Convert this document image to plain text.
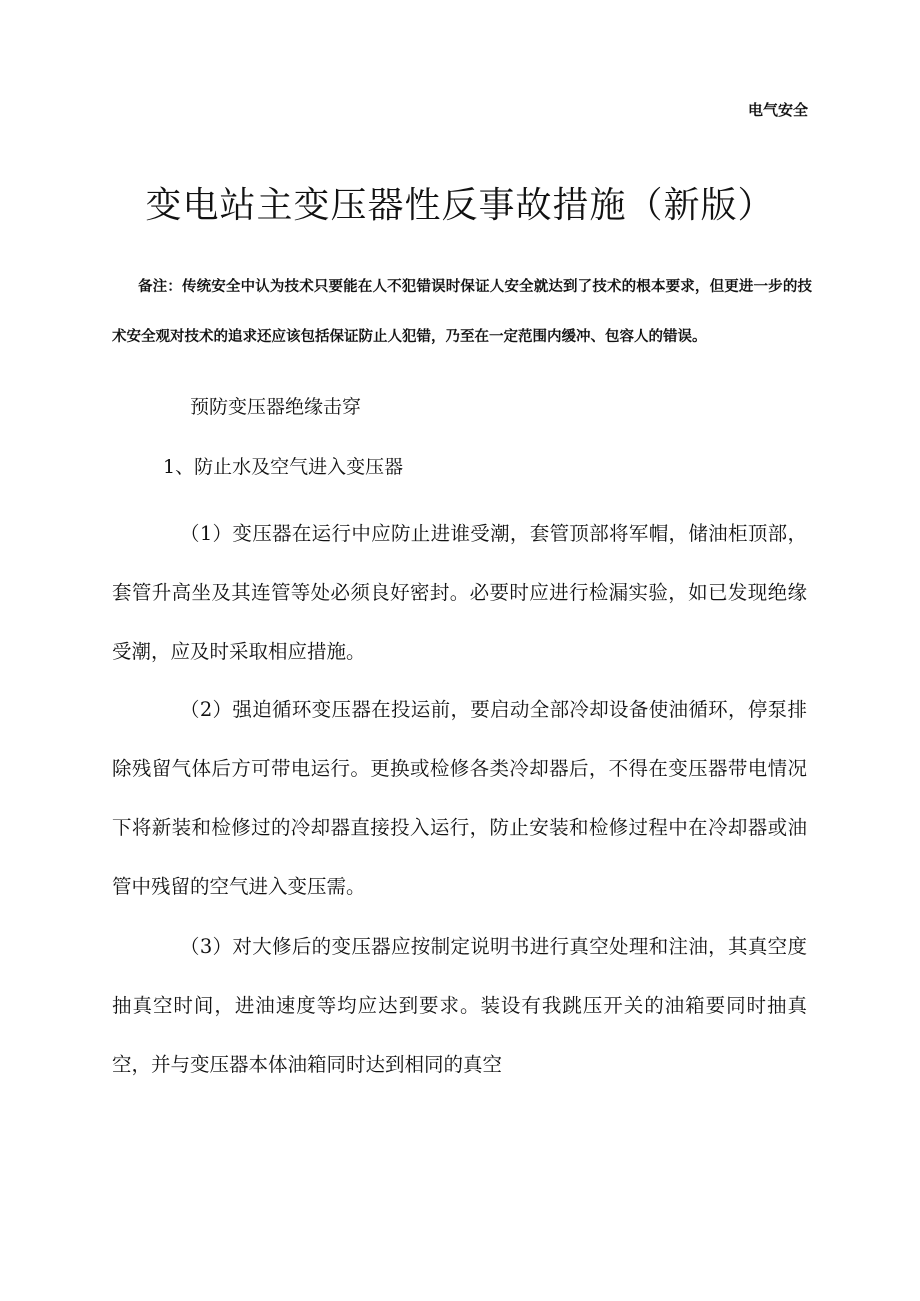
电气安全
变电站主变压器性反事故措施（新版）
备注：传统安全中认为技术只要能在人不犯错误时保证人安全就达到了技术的根本要求，但更进一步的技术安全观对技术的追求还应该包括保证防止人犯错，乃至在一定范围内缓冲、包容人的错误。
预防变压器绝缘击穿
1、防止水及空气进入变压器

（1）变压器在运行中应防止进谁受潮，套管顶部将军帽，储油柜顶部，套管升高坐及其连管等处必须良好密封。必要时应进行检漏实验，如已发现绝缘受潮，应及时采取相应措施。

（2）强迫循环变压器在投运前，要启动全部冷却设备使油循环，停泵排除残留气体后方可带电运行。更换或检修各类冷却器后，不得在变压器带电情况下将新装和检修过的冷却器直接投入运行，防止安装和检修过程中在冷却器或油管中残留的空气进入变压需。

（3）对大修后的变压器应按制定说明书进行真空处理和注油，其真空度抽真空时间，进油速度等均应达到要求。装设有我跳压开关的油箱要同时抽真空，并与变压器本体油箱同时达到相同的真空
